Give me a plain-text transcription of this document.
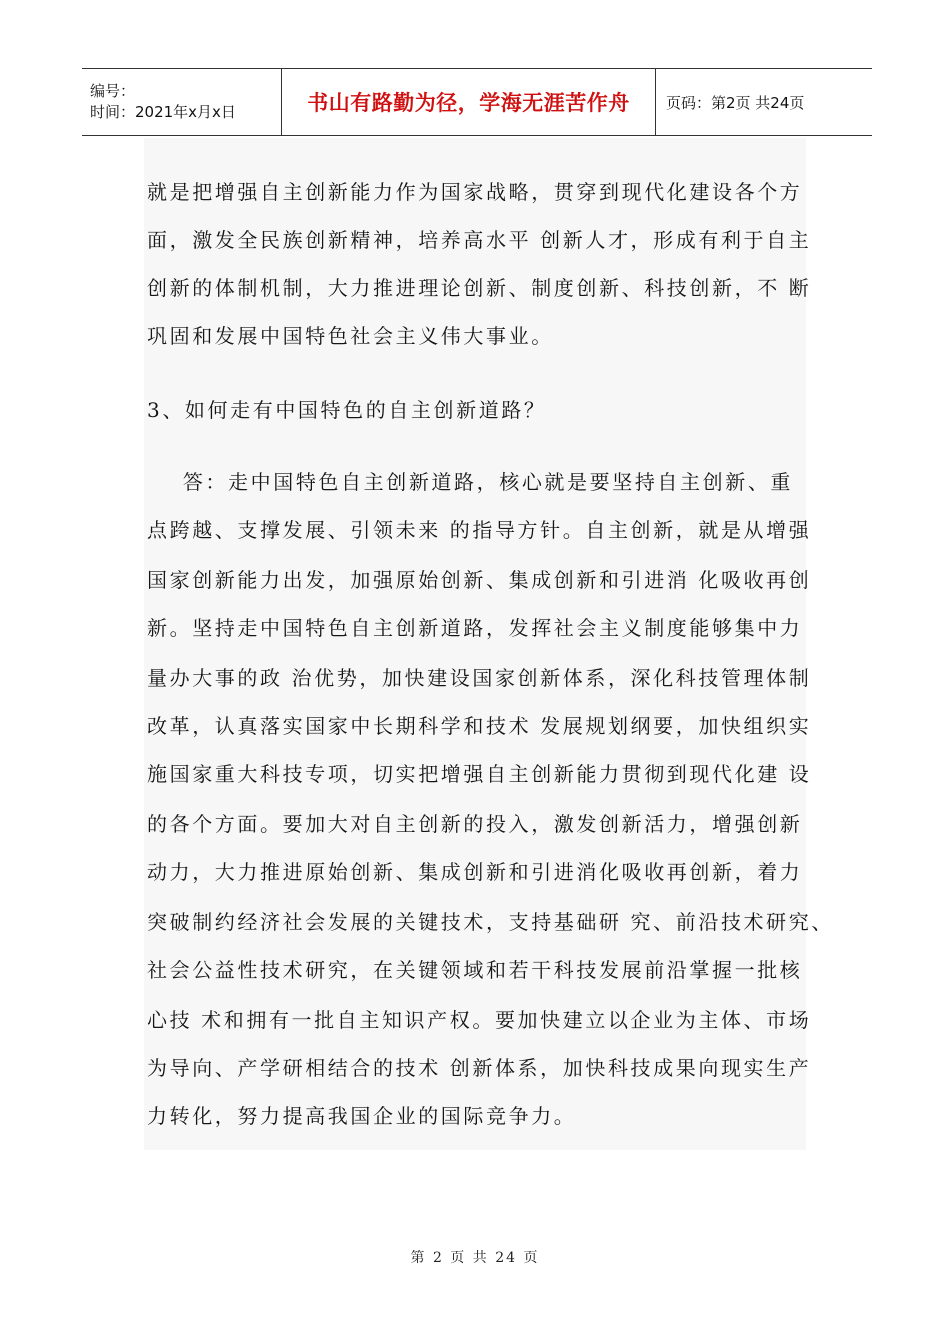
编号：
时间：2021年x月x日	书山有路勤为径，学海无涯苦作舟 页码：第2页 共24页
就是把增强自主创新能力作为国家战略，贯穿到现代化建设各个方
面，激发全民族创新精神，培养高水平 创新人才，形成有利于自主
创新的体制机制，大力推进理论创新、制度创新、科技创新，不 断
巩固和发展中国特色社会主义伟大事业。
3、如何走有中国特色的自主创新道路？
答：走中国特色自主创新道路，核心就是要坚持自主创新、重
点跨越、支撑发展、引领未来 的指导方针。自主创新，就是从增强
国家创新能力出发，加强原始创新、集成创新和引进消 化吸收再创
新。坚持走中国特色自主创新道路，发挥社会主义制度能够集中力
量办大事的政 治优势，加快建设国家创新体系，深化科技管理体制
改革，认真落实国家中长期科学和技术 发展规划纲要，加快组织实
施国家重大科技专项，切实把增强自主创新能力贯彻到现代化建 设
的各个方面。要加大对自主创新的投入，激发创新活力，增强创新
动力，大力推进原始创新、集成创新和引进消化吸收再创新，着力
突破制约经济社会发展的关键技术，支持基础研 究、前沿技术研究、
社会公益性技术研究，在关键领域和若干科技发展前沿掌握一批核
心技 术和拥有一批自主知识产权。要加快建立以企业为主体、市场
为导向、产学研相结合的技术 创新体系，加快科技成果向现实生产
力转化，努力提高我国企业的国际竞争力。
第 2 页 共 24 页
